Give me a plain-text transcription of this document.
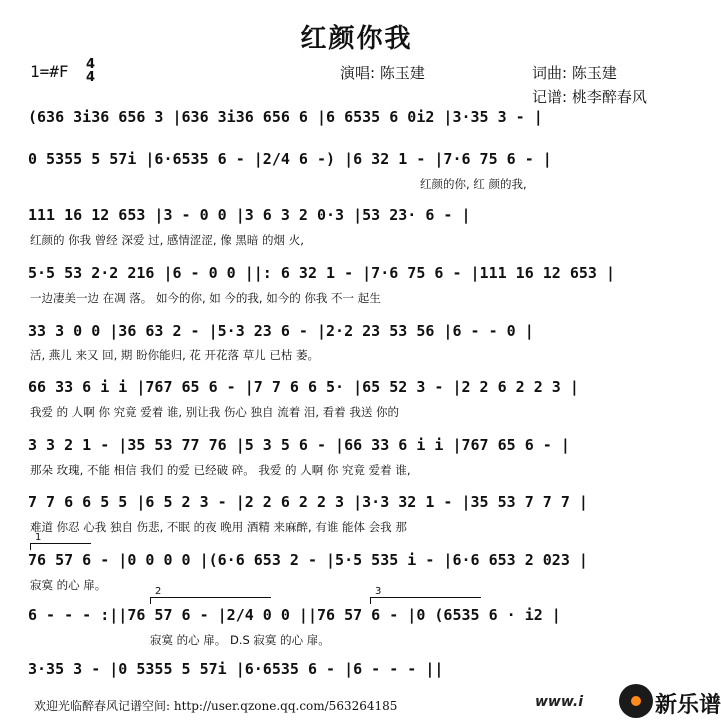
红颜你我
演唱: 陈玉建	词曲: 陈玉建
记谱: 桃李醉春风
1=#F 4
4
(636 3i36 656 3 |636 3i36 656 6 |6 6535 6 0i2 |3·35 3 - |
0 5355 5 57i |6·6535 6 - |2/4 6 -) |6 32 1 - |7·6 75 6 - |
红颜的你, 红 颜的我,
111 16 12 653 |3 - 0 0 |3 6 3 2 0·3 |53 23· 6 - |
红颜的 你我 曾经 深爱 过, 感情涩涩, 像 黑暗 的烟 火,
5·5 53 2·2 216 |6 - 0 0 ||: 6 32 1 - |7·6 75 6 - |111 16 12 653 |
一边凄美一边 在凋 落。 如今的你, 如 今的我, 如今的 你我 不一 起生
33 3 0 0 |36 63 2 - |5·3 23 6 - |2·2 23 53 56 |6 - - 0 |
活, 燕儿 来又 回, 期 盼你能归, 花 开花落 草儿 已枯 萎。
66 33 6 i i |767 65 6 - |7 7 6 6 5· |65 52 3 - |2 2 6 2 2 3 |
我爱 的 人啊 你 究竟 爱着 谁, 别让我 伤心 独自 流着 泪, 看着 我送 你的
3 3 2 1 - |35 53 77 76 |5 3 5 6 - |66 33 6 i i |767 65 6 - |
那朵 玫瑰, 不能 相信 我们 的爱 已经破 碎。 我爱 的 人啊 你 究竟 爱着 谁,
7 7 6 6 5 5 |6 5 2 3 - |2 2 6 2 2 3 |3·3 32 1 - |35 53 7 7 7 |
难道 你忍 心我 独自 伤悲, 不眠 的夜 晚用 酒精 来麻醉, 有谁 能体 会我 那
1
76 57 6 - |0 0 0 0 |(6·6 653 2 - |5·5 535 i - |6·6 653 2 023 |
寂寞 的心 扉。	2	3
6 - - - :||76 57 6 - |2/4 0 0 ||76 57 6 - |0 (6535 6 · i2 |
寂寞 的心 扉。 D.S 寂寞 的心 扉。
3·35 3 - |0 5355 5 57i |6·6535 6 - |6 - - - ||
欢迎光临醉春风记谱空间: http://user.qzone.qq.com/563264185	www.i	新乐谱
